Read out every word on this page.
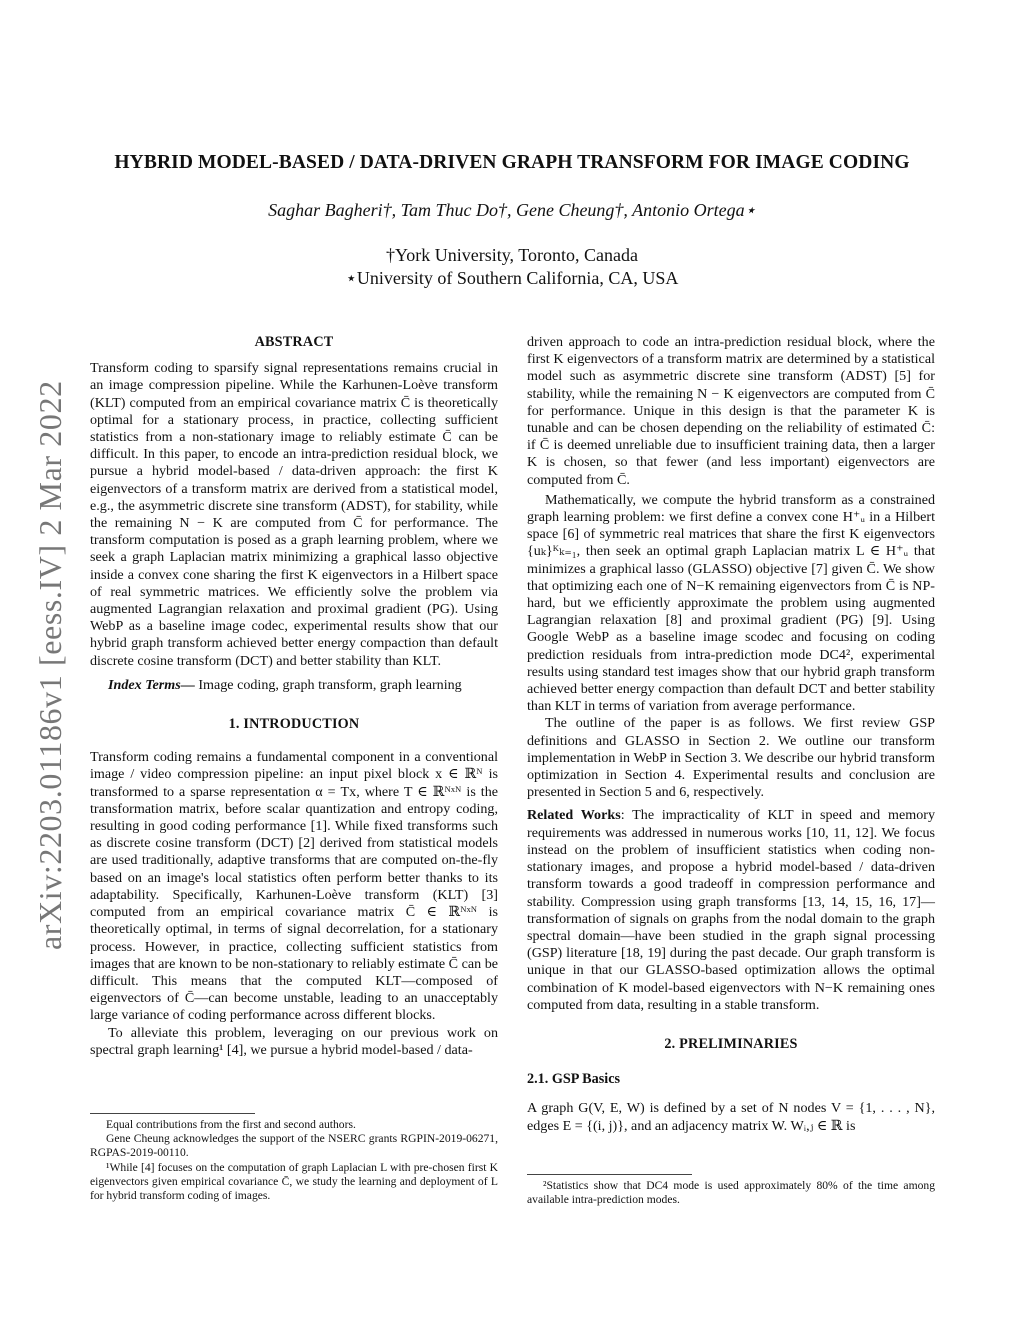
HYBRID MODEL-BASED / DATA-DRIVEN GRAPH TRANSFORM FOR IMAGE CODING
Saghar Bagheri†, Tam Thuc Do†, Gene Cheung†, Antonio Ortega⋆
†York University, Toronto, Canada
⋆University of Southern California, CA, USA
arXiv:2203.01186v1 [eess.IV] 2 Mar 2022
ABSTRACT

Transform coding to sparsify signal representations remains crucial in an image compression pipeline. While the Karhunen-Loève transform (KLT) computed from an empirical covariance matrix C̄ is theoretically optimal for a stationary process, in practice, collecting sufficient statistics from a non-stationary image to reliably estimate C̄ can be difficult. In this paper, to encode an intra-prediction residual block, we pursue a hybrid model-based / data-driven approach: the first K eigenvectors of a transform matrix are derived from a statistical model, e.g., the asymmetric discrete sine transform (ADST), for stability, while the remaining N − K are computed from C̄ for performance. The transform computation is posed as a graph learning problem, where we seek a graph Laplacian matrix minimizing a graphical lasso objective inside a convex cone sharing the first K eigenvectors in a Hilbert space of real symmetric matrices. We efficiently solve the problem via augmented Lagrangian relaxation and proximal gradient (PG). Using WebP as a baseline image codec, experimental results show that our hybrid graph transform achieved better energy compaction than default discrete cosine transform (DCT) and better stability than KLT.

Index Terms— Image coding, graph transform, graph learning

1. INTRODUCTION

Transform coding remains a fundamental component in a conventional image / video compression pipeline: an input pixel block x ∈ ℝᴺ is transformed to a sparse representation α = Tx, where T ∈ ℝᴺˣᴺ is the transformation matrix, before scalar quantization and entropy coding, resulting in good coding performance [1]. While fixed transforms such as discrete cosine transform (DCT) [2] derived from statistical models are used traditionally, adaptive transforms that are computed on-the-fly based on an image's local statistics often perform better thanks to its adaptability. Specifically, Karhunen-Loève transform (KLT) [3] computed from an empirical covariance matrix C̄ ∈ ℝᴺˣᴺ is theoretically optimal, in terms of signal decorrelation, for a stationary process. However, in practice, collecting sufficient statistics from images that are known to be non-stationary to reliably estimate C̄ can be difficult. This means that the computed KLT—composed of eigenvectors of C̄—can become unstable, leading to an unacceptably large variance of coding performance across different blocks.

To alleviate this problem, leveraging on our previous work on spectral graph learning¹ [4], we pursue a hybrid model-based / data-

Equal contributions from the first and second authors.

Gene Cheung acknowledges the support of the NSERC grants RGPIN-2019-06271, RGPAS-2019-00110.

¹While [4] focuses on the computation of graph Laplacian L with pre-chosen first K eigenvectors given empirical covariance C̄, we study the learning and deployment of L for hybrid transform coding of images.

driven approach to code an intra-prediction residual block, where the first K eigenvectors of a transform matrix are determined by a statistical model such as asymmetric discrete sine transform (ADST) [5] for stability, while the remaining N − K eigenvectors are computed from C̄ for performance. Unique in this design is that the parameter K is tunable and can be chosen depending on the reliability of estimated C̄: if C̄ is deemed unreliable due to insufficient training data, then a larger K is chosen, so that fewer (and less important) eigenvectors are computed from C̄.

Mathematically, we compute the hybrid transform as a constrained graph learning problem: we first define a convex cone H⁺ᵤ in a Hilbert space [6] of symmetric real matrices that share the first K eigenvectors {uₖ}ᴷₖ₌₁, then seek an optimal graph Laplacian matrix L ∈ H⁺ᵤ that minimizes a graphical lasso (GLASSO) objective [7] given C̄. We show that optimizing each one of N−K remaining eigenvectors from C̄ is NP-hard, but we efficiently approximate the problem using augmented Lagrangian relaxation [8] and proximal gradient (PG) [9]. Using Google WebP as a baseline image scodec and focusing on coding prediction residuals from intra-prediction mode DC4², experimental results using standard test images show that our hybrid graph transform achieved better energy compaction than default DCT and better stability than KLT in terms of variation from average performance.

The outline of the paper is as follows. We first review GSP definitions and GLASSO in Section 2. We outline our transform implementation in WebP in Section 3. We describe our hybrid transform optimization in Section 4. Experimental results and conclusion are presented in Section 5 and 6, respectively.

Related Works: The impracticality of KLT in speed and memory requirements was addressed in numerous works [10, 11, 12]. We focus instead on the problem of insufficient statistics when coding non-stationary images, and propose a hybrid model-based / data-driven transform towards a good tradeoff in compression performance and stability. Compression using graph transforms [13, 14, 15, 16, 17]—transformation of signals on graphs from the nodal domain to the graph spectral domain—have been studied in the graph signal processing (GSP) literature [18, 19] during the past decade. Our graph transform is unique in that our GLASSO-based optimization allows the optimal combination of K model-based eigenvectors with N−K remaining ones computed from data, resulting in a stable transform.

2. PRELIMINARIES
2.1. GSP Basics

A graph G(V, E, W) is defined by a set of N nodes V = {1, . . . , N}, edges E = {(i, j)}, and an adjacency matrix W. Wᵢ,ⱼ ∈ ℝ is

²Statistics show that DC4 mode is used approximately 80% of the time among available intra-prediction modes.
